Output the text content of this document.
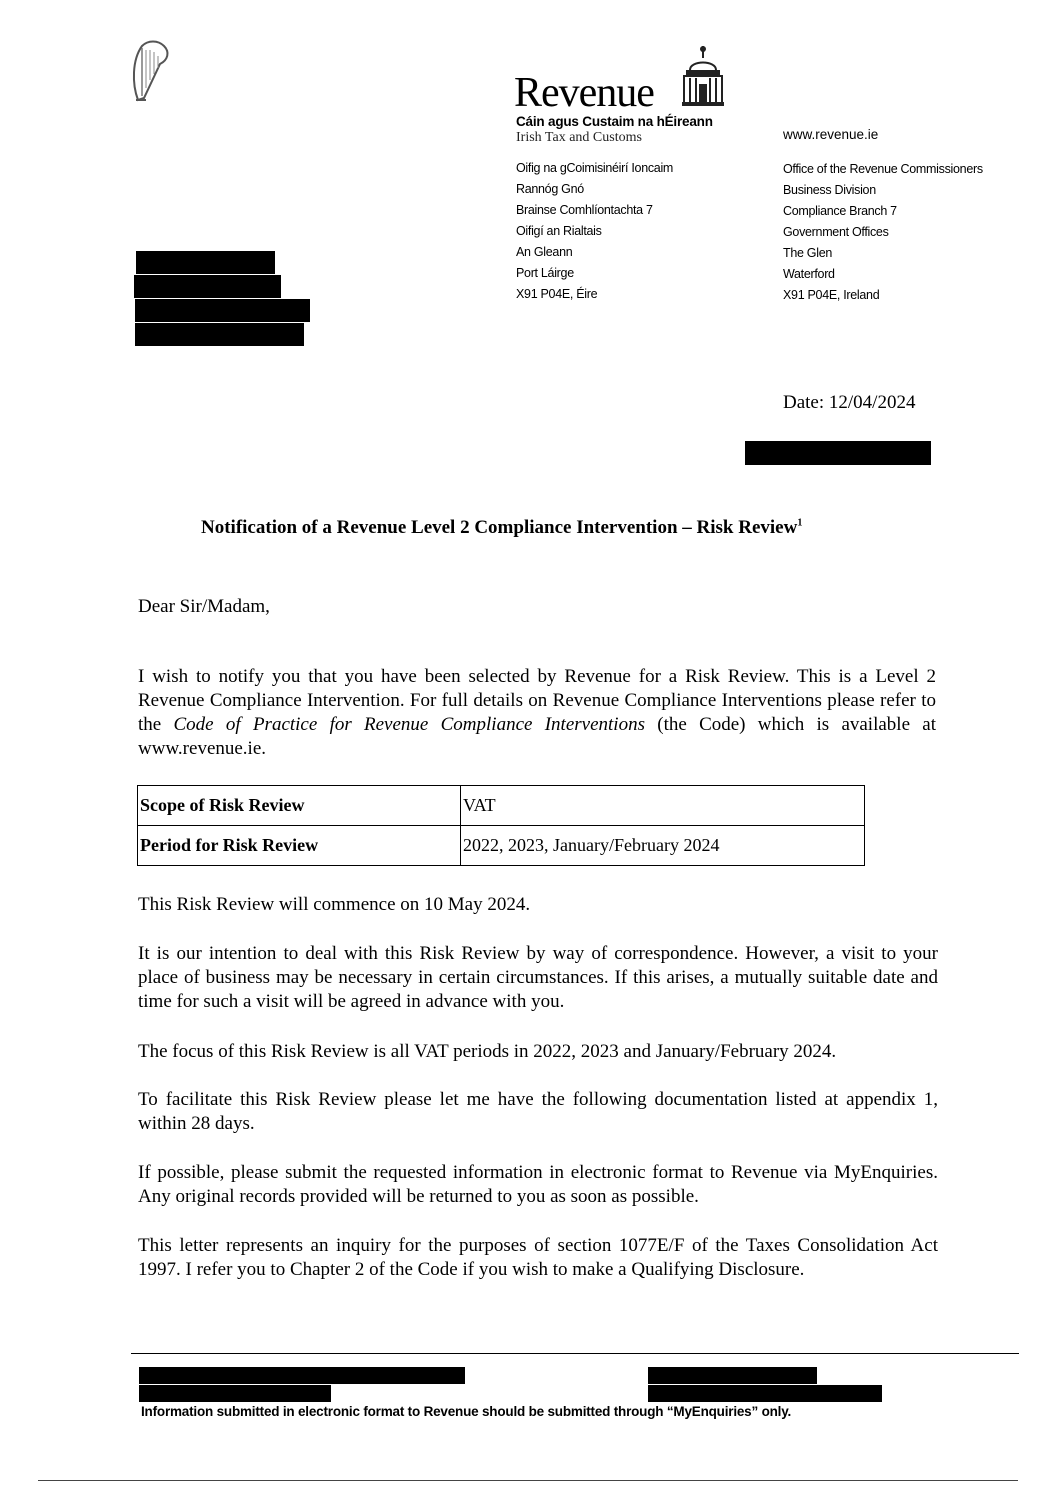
Revenue
Cáin agus Custaim na hÉireann
Irish Tax and Customs	www.revenue.ie
Oifig na gCoimisinéirí Ioncaim
Rannóg Gnó
Brainse Comhlíontachta 7
Oifigí an Rialtais
An Gleann
Port Láirge
X91 P04E, Éire
Office of the Revenue Commissioners
Business Division
Compliance Branch 7
Government Offices
The Glen
Waterford
X91 P04E, Ireland
Date: 12/04/2024
Notification of a Revenue Level 2 Compliance Intervention – Risk Review$^1$
Dear Sir/Madam,
I wish to notify you that you have been selected by Revenue for a Risk Review. This is a Level 2 Revenue Compliance Intervention. For full details on Revenue Compliance Interventions please refer to the Code of Practice for Revenue Compliance Interventions (the Code) which is available at www.revenue.ie.
Scope of Risk Review	VAT
Period for Risk Review	2022, 2023, January/February 2024
This Risk Review will commence on 10 May 2024.
It is our intention to deal with this Risk Review by way of correspondence. However, a visit to your place of business may be necessary in certain circumstances. If this arises, a mutually suitable date and time for such a visit will be agreed in advance with you.
The focus of this Risk Review is all VAT periods in 2022, 2023 and January/February 2024.
To facilitate this Risk Review please let me have the following documentation listed at appendix 1, within 28 days.
If possible, please submit the requested information in electronic format to Revenue via MyEnquiries. Any original records provided will be returned to you as soon as possible.
This letter represents an inquiry for the purposes of section 1077E/F of the Taxes Consolidation Act 1997. I refer you to Chapter 2 of the Code if you wish to make a Qualifying Disclosure.
Information submitted in electronic format to Revenue should be submitted through “MyEnquiries” only.
